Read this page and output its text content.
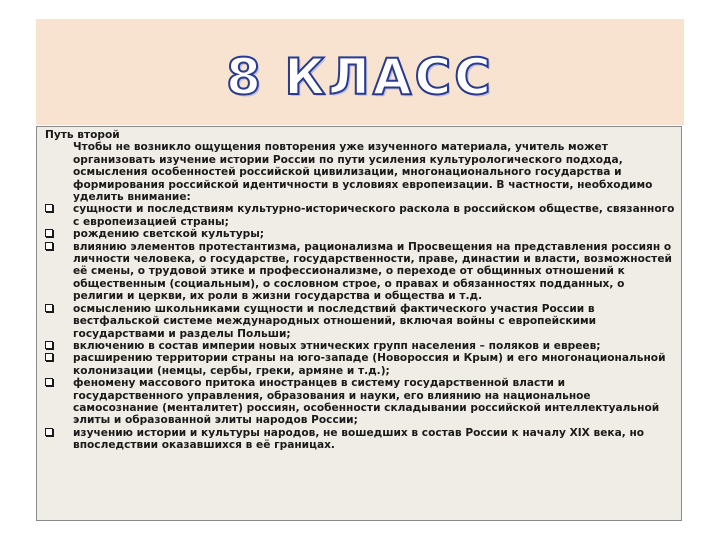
8 КЛАСС
Путь второй

Чтобы не возникло ощущения повторения уже изученного материала, учитель может организовать изучение истории России по пути усиления культурологического подхода, осмысления особенностей российской цивилизации, многонационального государства и формирования российской идентичности в условиях европеизации. В частности, необходимо уделить внимание:

сущности и последствиям культурно-исторического раскола в российском обществе, связанного с европеизацией страны;
рождению светской культуры;
влиянию элементов протестантизма, рационализма и Просвещения на представления россиян о личности человека, о государстве, государственности, праве, династии и власти, возможностей её смены, о трудовой этике и профессионализме, о переходе от общинных отношений к общественным (социальным), о сословном строе, о правах и обязанностях подданных, о религии и церкви, их роли в жизни государства и общества и т.д.
осмыслению школьниками сущности и последствий фактического участия России в вестфальской системе международных отношений, включая войны с европейскими государствами и разделы Польши;
включению в состав империи новых этнических групп населения – поляков и евреев;
расширению территории страны на юго-западе (Новороссия и Крым) и его многонациональной колонизации (немцы, сербы, греки, армяне и т.д.);
феномену массового притока иностранцев в систему государственной власти и государственного управления, образования и науки, его влиянию на национальное самосознание (менталитет) россиян, особенности складывании российской интеллектуальной элиты и образованной элиты народов России;
изучению истории и культуры народов, не вошедших в состав России к началу XIX века, но впоследствии оказавшихся в её границах.
